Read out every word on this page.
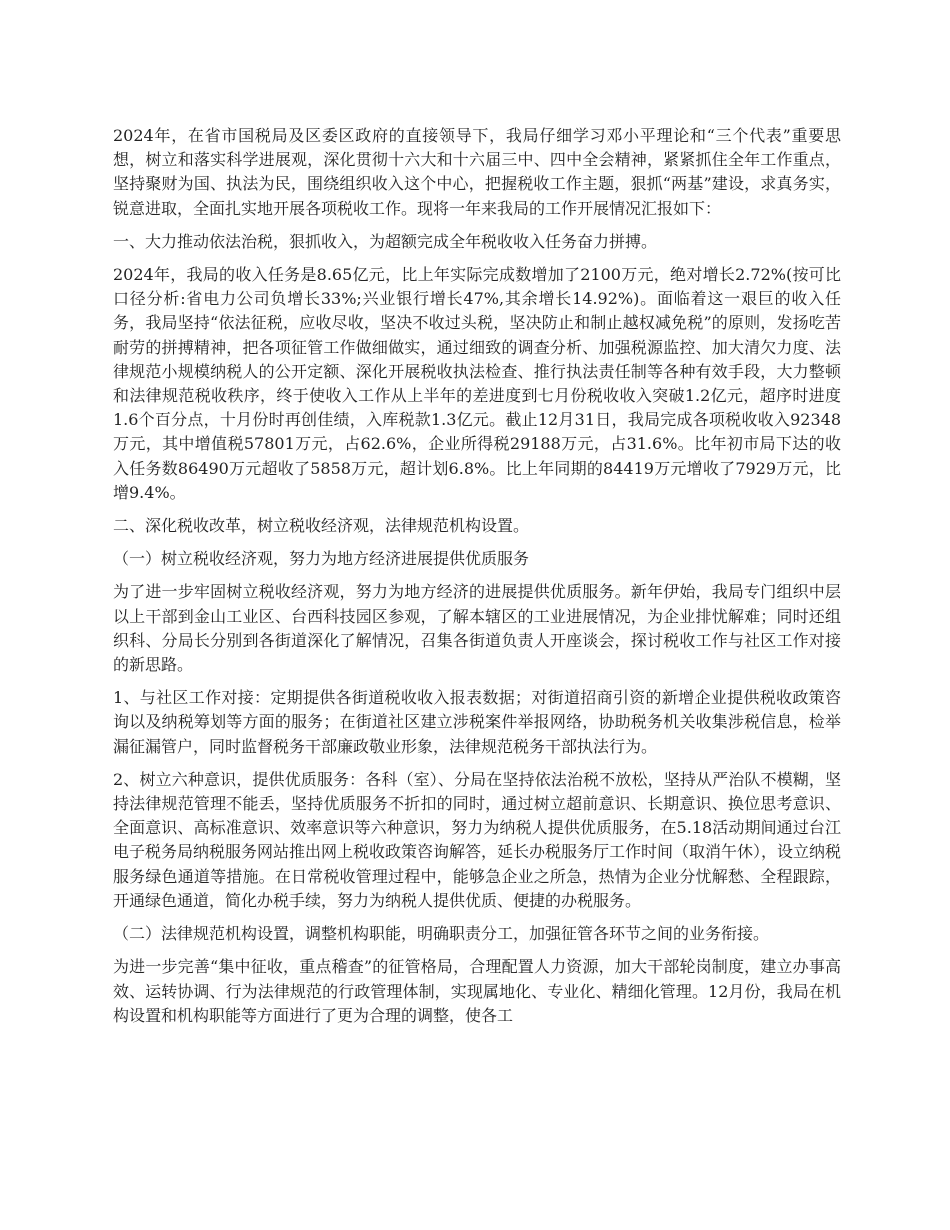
2024年，在省市国税局及区委区政府的直接领导下，我局仔细学习邓小平理论和“三个代表”重要思想，树立和落实科学进展观，深化贯彻十六大和十六届三中、四中全会精神，紧紧抓住全年工作重点，坚持聚财为国、执法为民，围绕组织收入这个中心，把握税收工作主题，狠抓“两基”建设，求真务实，锐意进取，全面扎实地开展各项税收工作。现将一年来我局的工作开展情况汇报如下：

一、大力推动依法治税，狠抓收入，为超额完成全年税收收入任务奋力拼搏。

2024年，我局的收入任务是8.65亿元，比上年实际完成数增加了2100万元，绝对增长2.72%(按可比口径分析:省电力公司负增长33%;兴业银行增长47%,其余增长14.92%)。面临着这一艰巨的收入任务，我局坚持“依法征税，应收尽收，坚决不收过头税，坚决防止和制止越权减免税”的原则，发扬吃苦耐劳的拼搏精神，把各项征管工作做细做实，通过细致的调查分析、加强税源监控、加大清欠力度、法律规范小规模纳税人的公开定额、深化开展税收执法检查、推行执法责任制等各种有效手段，大力整顿和法律规范税收秩序，终于使收入工作从上半年的差进度到七月份税收收入突破1.2亿元，超序时进度1.6个百分点，十月份时再创佳绩，入库税款1.3亿元。截止12月31日，我局完成各项税收收入92348万元，其中增值税57801万元，占62.6%，企业所得税29188万元，占31.6%。比年初市局下达的收入任务数86490万元超收了5858万元，超计划6.8%。比上年同期的84419万元增收了7929万元，比增9.4%。

二、深化税收改革，树立税收经济观，法律规范机构设置。

（一）树立税收经济观，努力为地方经济进展提供优质服务

为了进一步牢固树立税收经济观，努力为地方经济的进展提供优质服务。新年伊始，我局专门组织中层以上干部到金山工业区、台西科技园区参观，了解本辖区的工业进展情况，为企业排忧解难；同时还组织科、分局长分别到各街道深化了解情况，召集各街道负责人开座谈会，探讨税收工作与社区工作对接的新思路。

1、与社区工作对接：定期提供各街道税收收入报表数据；对街道招商引资的新增企业提供税收政策咨询以及纳税筹划等方面的服务；在街道社区建立涉税案件举报网络，协助税务机关收集涉税信息，检举漏征漏管户，同时监督税务干部廉政敬业形象，法律规范税务干部执法行为。

2、树立六种意识，提供优质服务：各科（室）、分局在坚持依法治税不放松，坚持从严治队不模糊，坚持法律规范管理不能丢，坚持优质服务不折扣的同时，通过树立超前意识、长期意识、换位思考意识、全面意识、高标准意识、效率意识等六种意识，努力为纳税人提供优质服务，在5.18活动期间通过台江电子税务局纳税服务网站推出网上税收政策咨询解答，延长办税服务厅工作时间（取消午休），设立纳税服务绿色通道等措施。在日常税收管理过程中，能够急企业之所急，热情为企业分忧解愁、全程跟踪，开通绿色通道，简化办税手续，努力为纳税人提供优质、便捷的办税服务。

（二）法律规范机构设置，调整机构职能，明确职责分工，加强征管各环节之间的业务衔接。

为进一步完善“集中征收，重点稽查”的征管格局，合理配置人力资源，加大干部轮岗制度，建立办事高效、运转协调、行为法律规范的行政管理体制，实现属地化、专业化、精细化管理。12月份，我局在机构设置和机构职能等方面进行了更为合理的调整，使各工
